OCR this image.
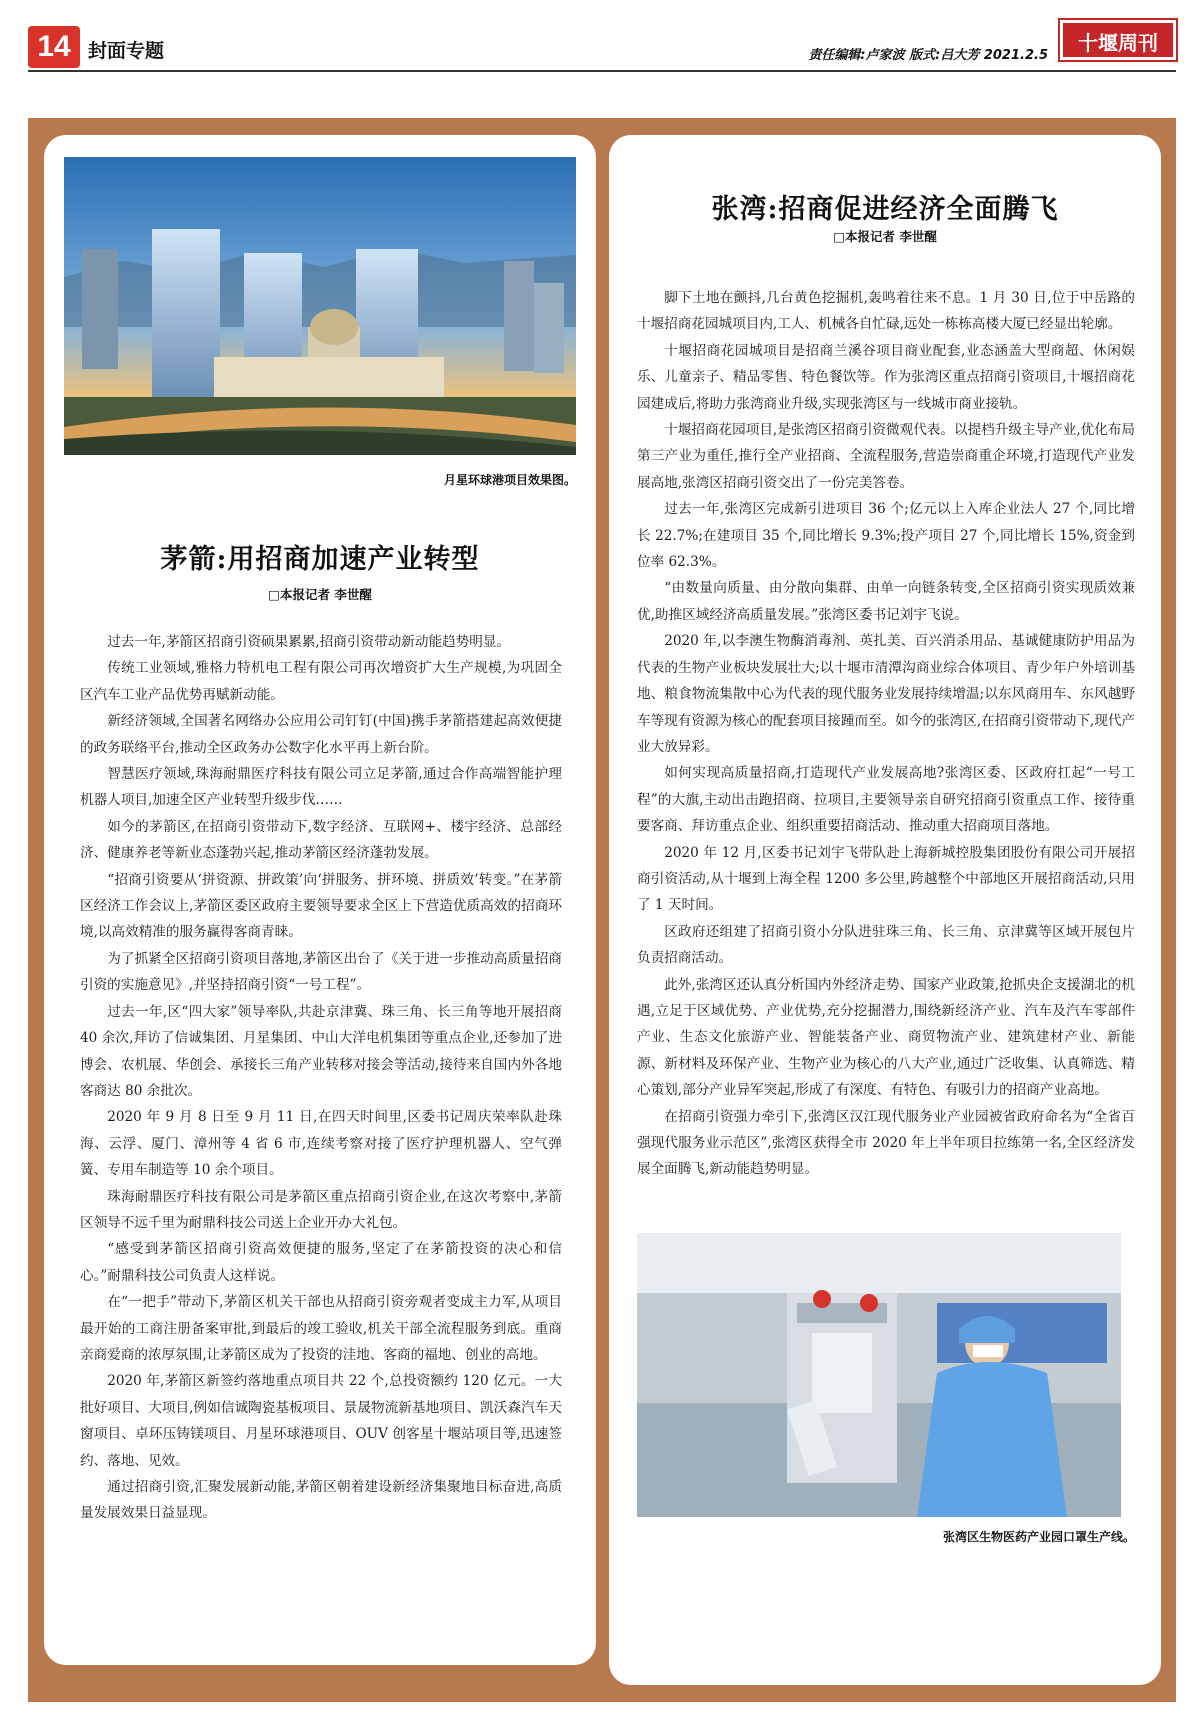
14 封面专题	责任编辑:卢家波 版式:吕大芳 2021.2.5
十堰周刊
月星环球港项目效果图。
茅箭:用招商加速产业转型
□本报记者 李世醒

过去一年,茅箭区招商引资硕果累累,招商引资带动新动能趋势明显。

传统工业领域,雅格力特机电工程有限公司再次增资扩大生产规模,为巩固全区汽车工业产品优势再赋新动能。

新经济领域,全国著名网络办公应用公司钉钉(中国)携手茅箭搭建起高效便捷的政务联络平台,推动全区政务办公数字化水平再上新台阶。

智慧医疗领域,珠海耐鼎医疗科技有限公司立足茅箭,通过合作高端智能护理机器人项目,加速全区产业转型升级步伐……

如今的茅箭区,在招商引资带动下,数字经济、互联网+、楼宇经济、总部经济、健康养老等新业态蓬勃兴起,推动茅箭区经济蓬勃发展。

“招商引资要从‘拼资源、拼政策’向‘拼服务、拼环境、拼质效’转变。”在茅箭区经济工作会议上,茅箭区委区政府主要领导要求全区上下营造优质高效的招商环境,以高效精准的服务赢得客商青睐。

为了抓紧全区招商引资项目落地,茅箭区出台了《关于进一步推动高质量招商引资的实施意见》,并坚持招商引资“一号工程”。

过去一年,区“四大家”领导率队,共赴京津冀、珠三角、长三角等地开展招商 40 余次,拜访了信诚集团、月星集团、中山大洋电机集团等重点企业,还参加了进博会、农机展、华创会、承接长三角产业转移对接会等活动,接待来自国内外各地客商达 80 余批次。

2020 年 9 月 8 日至 9 月 11 日,在四天时间里,区委书记周庆荣率队赴珠海、云浮、厦门、漳州等 4 省 6 市,连续考察对接了医疗护理机器人、空气弹簧、专用车制造等 10 余个项目。

珠海耐鼎医疗科技有限公司是茅箭区重点招商引资企业,在这次考察中,茅箭区领导不远千里为耐鼎科技公司送上企业开办大礼包。

“感受到茅箭区招商引资高效便捷的服务,坚定了在茅箭投资的决心和信心。”耐鼎科技公司负责人这样说。

在“一把手”带动下,茅箭区机关干部也从招商引资旁观者变成主力军,从项目最开始的工商注册备案审批,到最后的竣工验收,机关干部全流程服务到底。重商亲商爱商的浓厚氛围,让茅箭区成为了投资的洼地、客商的福地、创业的高地。

2020 年,茅箭区新签约落地重点项目共 22 个,总投资额约 120 亿元。一大批好项目、大项目,例如信诚陶瓷基板项目、景晟物流新基地项目、凯沃森汽车天窗项目、卓环压铸镁项目、月星环球港项目、OUV 创客星十堰站项目等,迅速签约、落地、见效。

通过招商引资,汇聚发展新动能,茅箭区朝着建设新经济集聚地目标奋进,高质量发展效果日益显现。

张湾:招商促进经济全面腾飞
□本报记者 李世醒

脚下土地在颤抖,几台黄色挖掘机,轰鸣着往来不息。1 月 30 日,位于中岳路的十堰招商花园城项目内,工人、机械各自忙碌,远处一栋栋高楼大厦已经显出轮廓。

十堰招商花园城项目是招商兰溪谷项目商业配套,业态涵盖大型商超、休闲娱乐、儿童亲子、精品零售、特色餐饮等。作为张湾区重点招商引资项目,十堰招商花园建成后,将助力张湾商业升级,实现张湾区与一线城市商业接轨。

十堰招商花园项目,是张湾区招商引资微观代表。以提档升级主导产业,优化布局第三产业为重任,推行全产业招商、全流程服务,营造崇商重企环境,打造现代产业发展高地,张湾区招商引资交出了一份完美答卷。

过去一年,张湾区完成新引进项目 36 个;亿元以上入库企业法人 27 个,同比增长 22.7%;在建项目 35 个,同比增长 9.3%;投产项目 27 个,同比增长 15%,资金到位率 62.3%。

“由数量向质量、由分散向集群、由单一向链条转变,全区招商引资实现质效兼优,助推区域经济高质量发展。”张湾区委书记刘宇飞说。

2020 年,以李澳生物酶消毒剂、英扎美、百兴消杀用品、基诚健康防护用品为代表的生物产业板块发展壮大;以十堰市清潭沟商业综合体项目、青少年户外培训基地、粮食物流集散中心为代表的现代服务业发展持续增温;以东风商用车、东风越野车等现有资源为核心的配套项目接踵而至。如今的张湾区,在招商引资带动下,现代产业大放异彩。

如何实现高质量招商,打造现代产业发展高地?张湾区委、区政府扛起“一号工程”的大旗,主动出击跑招商、拉项目,主要领导亲自研究招商引资重点工作、接待重要客商、拜访重点企业、组织重要招商活动、推动重大招商项目落地。

2020 年 12 月,区委书记刘宇飞带队赴上海新城控股集团股份有限公司开展招商引资活动,从十堰到上海全程 1200 多公里,跨越整个中部地区开展招商活动,只用了 1 天时间。

区政府还组建了招商引资小分队进驻珠三角、长三角、京津冀等区域开展包片负责招商活动。

此外,张湾区还认真分析国内外经济走势、国家产业政策,抢抓央企支援湖北的机遇,立足于区域优势、产业优势,充分挖掘潜力,围绕新经济产业、汽车及汽车零部件产业、生态文化旅游产业、智能装备产业、商贸物流产业、建筑建材产业、新能源、新材料及环保产业、生物产业为核心的八大产业,通过广泛收集、认真筛选、精心策划,部分产业异军突起,形成了有深度、有特色、有吸引力的招商产业高地。

在招商引资强力牵引下,张湾区汉江现代服务业产业园被省政府命名为“全省百强现代服务业示范区”,张湾区获得全市 2020 年上半年项目拉练第一名,全区经济发展全面腾飞,新动能趋势明显。

张湾区生物医药产业园口罩生产线。
